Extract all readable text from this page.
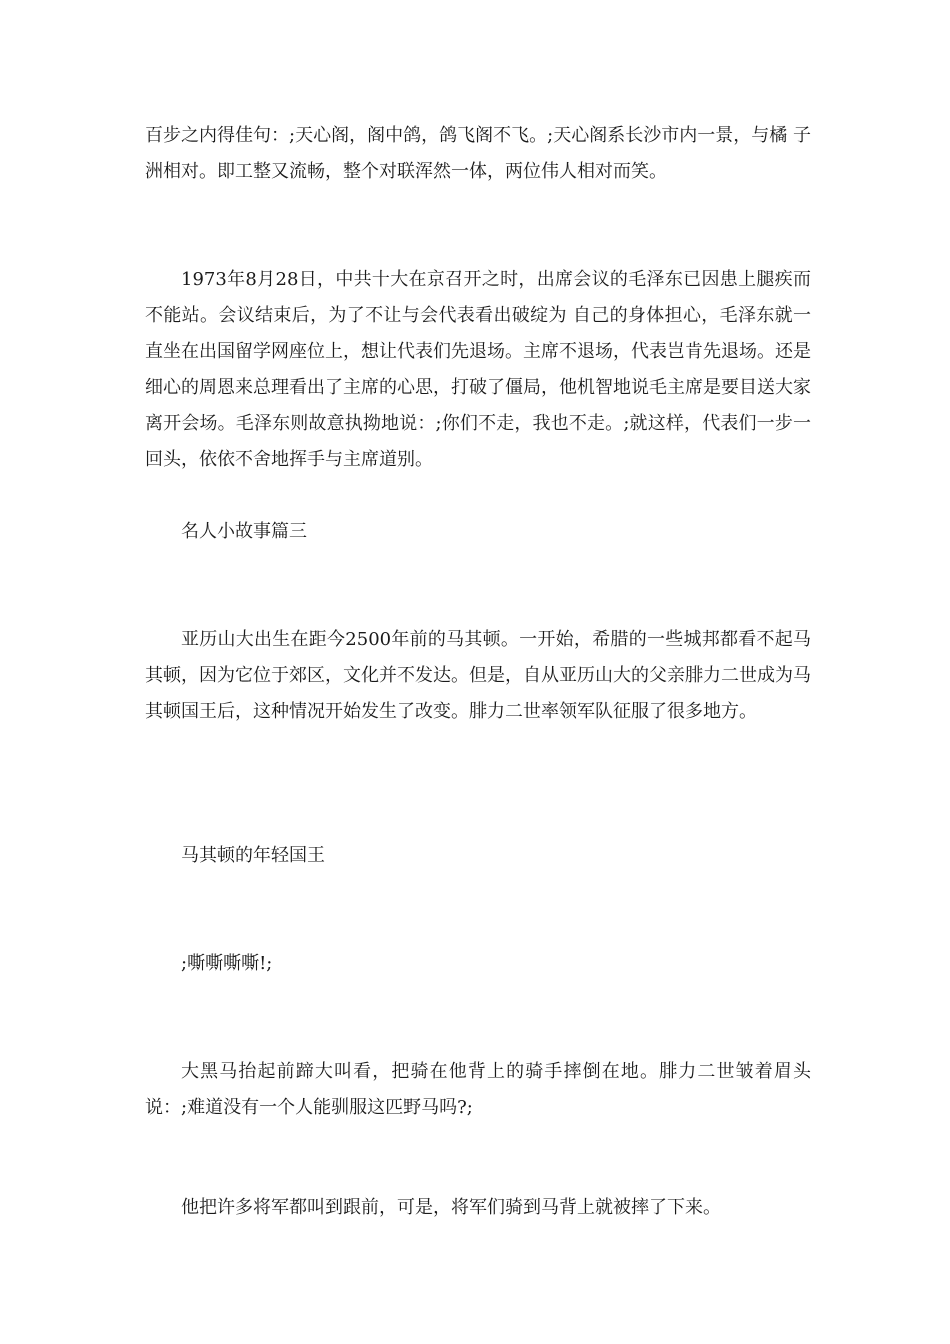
百步之内得佳句：;天心阁，阁中鸽，鸽飞阁不飞。;天心阁系长沙市内一景，与橘 子洲相对。即工整又流畅，整个对联浑然一体，两位伟人相对而笑。

1973年8月28日，中共十大在京召开之时，出席会议的毛泽东已因患上腿疾而不能站。会议结束后，为了不让与会代表看出破绽为 自己的身体担心，毛泽东就一直坐在出国留学网座位上，想让代表们先退场。主席不退场，代表岂肯先退场。还是细心的周恩来总理看出了主席的心思，打破了僵局，他机智地说毛主席是要目送大家离开会场。毛泽东则故意执拗地说：;你们不走，我也不走。;就这样，代表们一步一回头，依依不舍地挥手与主席道别。

名人小故事篇三

亚历山大出生在距今2500年前的马其顿。一开始，希腊的一些城邦都看不起马其顿，因为它位于郊区，文化并不发达。但是，自从亚历山大的父亲腓力二世成为马其顿国王后，这种情况开始发生了改变。腓力二世率领军队征服了很多地方。

马其顿的年轻国王

;嘶嘶嘶嘶!;

大黑马抬起前蹄大叫看，把骑在他背上的骑手摔倒在地。腓力二世皱着眉头说：;难道没有一个人能驯服这匹野马吗?;

他把许多将军都叫到跟前，可是，将军们骑到马背上就被摔了下来。
